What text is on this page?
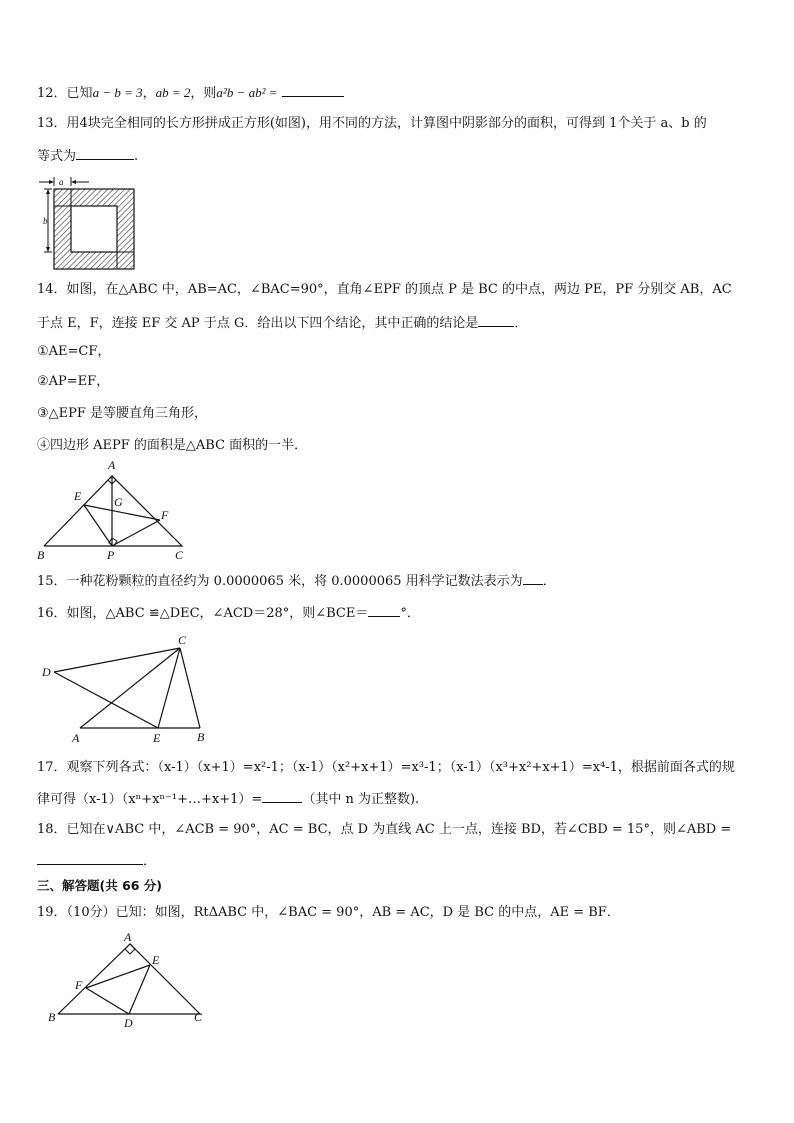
12．已知a − b = 3，ab = 2，则a²b − ab² =
13．用4块完全相同的长方形拼成正方形(如图)，用不同的方法，计算图中阴影部分的面积，可得到 1个关于 a、b 的
等式为	.
a
b
14．如图，在△ABC 中，AB=AC，∠BAC=90°，直角∠EPF 的顶点 P 是 BC 的中点，两边 PE，PF 分别交 AB，AC
于点 E，F，连接 EF 交 AP 于点 G．给出以下四个结论，其中正确的结论是	．
①AE=CF，
②AP=EF，
③△EPF 是等腰直角三角形，
④四边形 AEPF 的面积是△ABC 面积的一半．
A
B	C
E
F
G
P
15．一种花粉颗粒的直径约为 0.0000065 米，将 0.0000065 用科学记数法表示为 ．
16．如图，△ABC ≌△DEC，∠ACD＝28°，则∠BCE＝ °．
C
D
A	E	B
17．观察下列各式：（x-1）（x+1）=x²-1；（x-1）（x²+x+1）=x³-1；（x-1）（x³+x²+x+1）=x⁴-1，根据前面各式的规
律可得（x-1）（xⁿ+xⁿ⁻¹+…+x+1）=	（其中 n 为正整数).
18．已知在∨ABC 中，∠ACB = 90°，AC = BC，点 D 为直线 AC 上一点，连接 BD，若∠CBD = 15°，则∠ABD =
．
三、解答题(共 66 分)
19．（10分）已知：如图，RtΔABC 中，∠BAC = 90°，AB = AC，D 是 BC 的中点，AE = BF．
A
E
F
B	D	C
